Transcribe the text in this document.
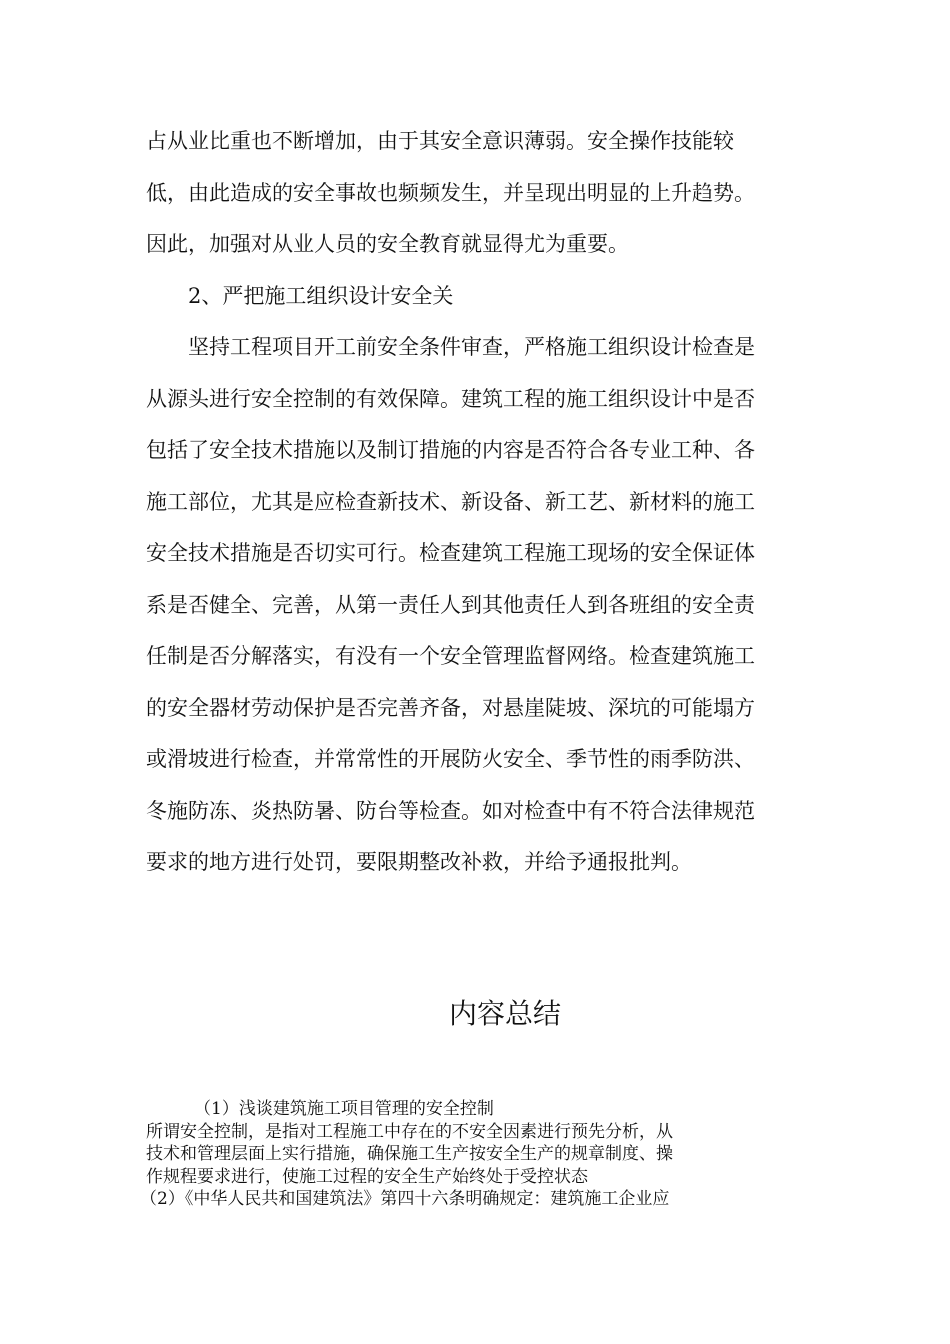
占从业比重也不断增加，由于其安全意识薄弱。安全操作技能较
低，由此造成的安全事故也频频发生，并呈现出明显的上升趋势。
因此，加强对从业人员的安全教育就显得尤为重要。
2、严把施工组织设计安全关
坚持工程项目开工前安全条件审查，严格施工组织设计检查是
从源头进行安全控制的有效保障。建筑工程的施工组织设计中是否
包括了安全技术措施以及制订措施的内容是否符合各专业工种、各
施工部位，尤其是应检查新技术、新设备、新工艺、新材料的施工
安全技术措施是否切实可行。检查建筑工程施工现场的安全保证体
系是否健全、完善，从第一责任人到其他责任人到各班组的安全责
任制是否分解落实，有没有一个安全管理监督网络。检查建筑施工
的安全器材劳动保护是否完善齐备，对悬崖陡坡、深坑的可能塌方
或滑坡进行检查，并常常性的开展防火安全、季节性的雨季防洪、
冬施防冻、炎热防暑、防台等检查。如对检查中有不符合法律规范
要求的地方进行处罚，要限期整改补救，并给予通报批判。
内容总结
（1）浅谈建筑施工项目管理的安全控制
所谓安全控制，是指对工程施工中存在的不安全因素进行预先分析，从
技术和管理层面上实行措施，确保施工生产按安全生产的规章制度、操
作规程要求进行，使施工过程的安全生产始终处于受控状态
（2）《中华人民共和国建筑法》第四十六条明确规定：建筑施工企业应
